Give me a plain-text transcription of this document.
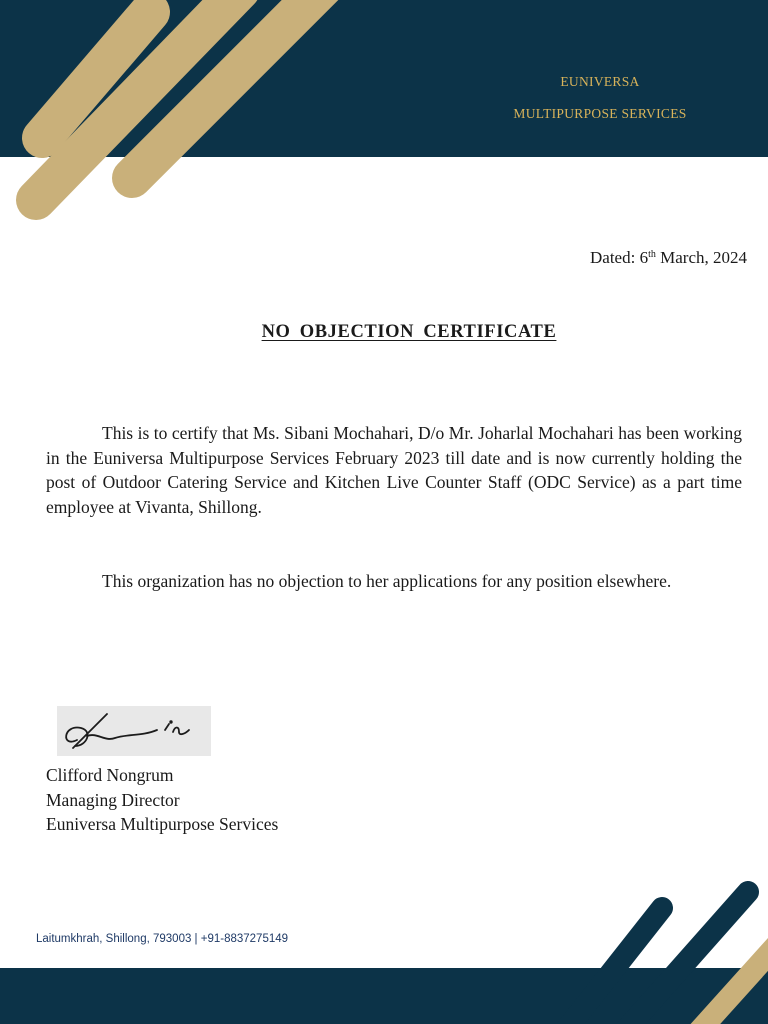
EUNIVERSA
MULTIPURPOSE SERVICES
Dated: 6th March, 2024
NO OBJECTION CERTIFICATE

This is to certify that Ms. Sibani Mochahari, D/o Mr. Joharlal Mochahari has been working in the Euniversa Multipurpose Services February 2023 till date and is now currently holding the post of Outdoor Catering Service and Kitchen Live Counter Staff (ODC Service) as a part time employee at Vivanta, Shillong.

This organization has no objection to her applications for any position elsewhere.

Clifford Nongrum
Managing Director
Euniversa Multipurpose Services
Laitumkhrah, Shillong, 793003 | +91-8837275149
